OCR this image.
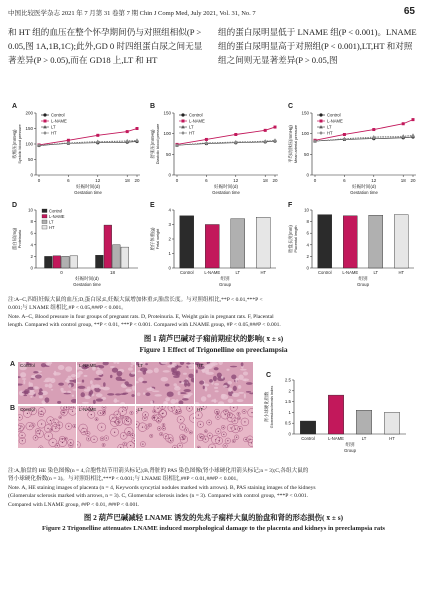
中国比较医学杂志 2021 年 7 月第 31 卷第 7 期 Chin J Comp Med, July 2021, Vol. 31, No. 7	65
和 HT 组的血压在整个怀孕期间仍与对照组相似(P > 0.05,图 1A,1B,1C);此外,GD 0 时四组蛋白尿之间无显著差异(P > 0.05),而在 GD18 上,LT 和 HT
组的蛋白尿明显低于 LNAME 组(P < 0.001)。LNAME 组的蛋白尿明显高于对照组(P < 0.001),LT,HT 和对照组之间则无显著差异(P > 0.05,图
A
0
50
100
150
200
0	6	12	18 20
妊娠时间(d)
Gestation time
收缩压(mmHg) Systolic blood pressure
Control
L-NAME
LT
HT
B
0
50
100
150
0	6	12	18 20
妊娠时间(d)
Gestation time
舒张压(mmHg) Diastolic blood pressure
Control
L-NAME
LT
HT
C
0
50
100
150
0	6	12	18 20
妊娠时间(d)
Gestation time
平均动脉压(mmHg) Mean arterial pressure
Control
L-NAME
LT
HT
D
0
2
4
6
8
10
0	18
Control
L-NAME
LT
HT
妊娠时间(d)
Gestation time
蛋白尿(mg) Proteinuria
E
0
1
2
3
4
Control	L-NAME	LT	HT
组别
Group
胎仔体重(g) Fetal weight
F
0
2
4
6
8
10
Control	L-NAME	LT	HT
组别
Group
胎盘长度(mm) Placental length
注:A~C,四组妊娠大鼠的血压;D,蛋白尿;E,妊娠大鼠增加体重;F,胎盘长度。与对照组相比,**P < 0.01,***P <
0.001;与 LNAME 组相比,#P < 0.05,###P < 0.001。
Note. A~C, Blood pressure in four groups of pregnant rats. D, Proteinuria. E, Weight gain in pregnant rats. F, Placental
length. Compared with control group, **P < 0.01, ***P < 0.001. Compared with LNAME group, #P < 0.05,###P < 0.001.
图 1 葫芦巴碱对子痫前期症状的影响( x̄ ± s)
Figure 1 Effect of Trigonelline on preeclampsia
A
B
Control	L-NAME	LT	HT
Control	L-NAME	LT	HT
C
0
0.5
1
1.5
2
2.5
Control	L-NAME	LT	HT
组别
Group
肾小球硬化指数 Glomerulosclerosis index
注:A,胎盘的 HE 染色图像(n = 4,合胞性结节用箭头标记);B,肾脏的 PAS 染色图像(肾小球硬化用箭头标记;n = 3);C,各组大鼠的
肾小球硬化指数(n = 3)。与对照组相比,***P < 0.001;与 LNAME 组相比,##P < 0.01,###P < 0.001。
Note. A, HE staining images of placenta (n = 4, Keywords syncytial nodules marked with arrows). B, PAS staining images of the kidneys
(Glomerular sclerosis marked with arrows, n = 3). C, Glomerular sclerosis index (n = 3). Compared with control group, ***P < 0.001.
Compared with LNAME group, ##P < 0.01, ###P < 0.001.
图 2 葫芦巴碱减轻 LNAME 诱发的先兆子痫样大鼠的胎盘和肾的形态损伤( x̄ ± s)
Figure 2 Trigonelline attenuates LNAME induced morphological damage to the placenta and kidneys in preeclampsia rats
